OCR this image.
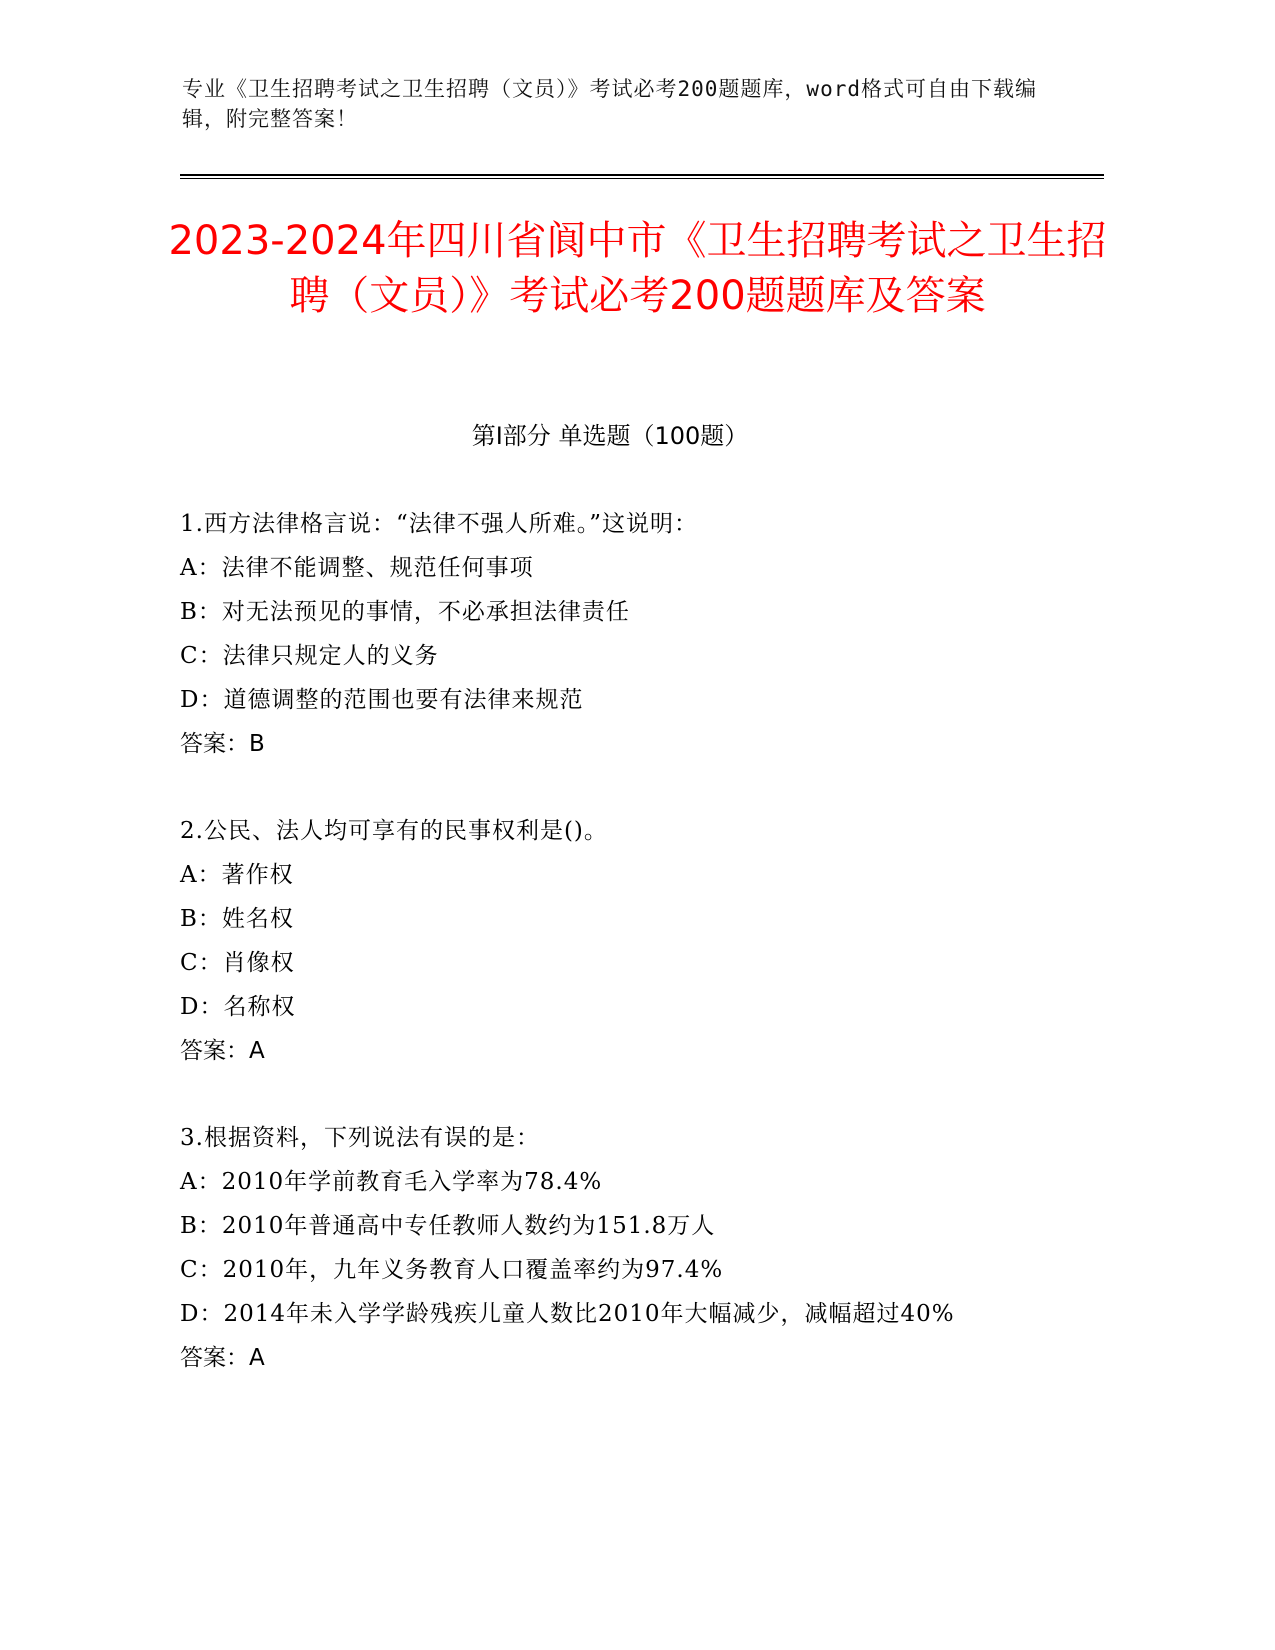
专业《卫生招聘考试之卫生招聘（文员）》考试必考200题题库，word格式可自由下载编辑，附完整答案！
2023-2024年四川省阆中市《卫生招聘考试之卫生招聘（文员）》考试必考200题题库及答案
第I部分 单选题（100题）
1.西方法律格言说：“法律不强人所难。”这说明：
A：法律不能调整、规范任何事项
B：对无法预见的事情，不必承担法律责任
C：法律只规定人的义务
D：道德调整的范围也要有法律来规范
答案：B
2.公民、法人均可享有的民事权利是()。
A：著作权
B：姓名权
C：肖像权
D：名称权
答案：A
3.根据资料，下列说法有误的是：
A：2010年学前教育毛入学率为78.4%
B：2010年普通高中专任教师人数约为151.8万人
C：2010年，九年义务教育人口覆盖率约为97.4%
D：2014年未入学学龄残疾儿童人数比2010年大幅减少，减幅超过40%
答案：A
